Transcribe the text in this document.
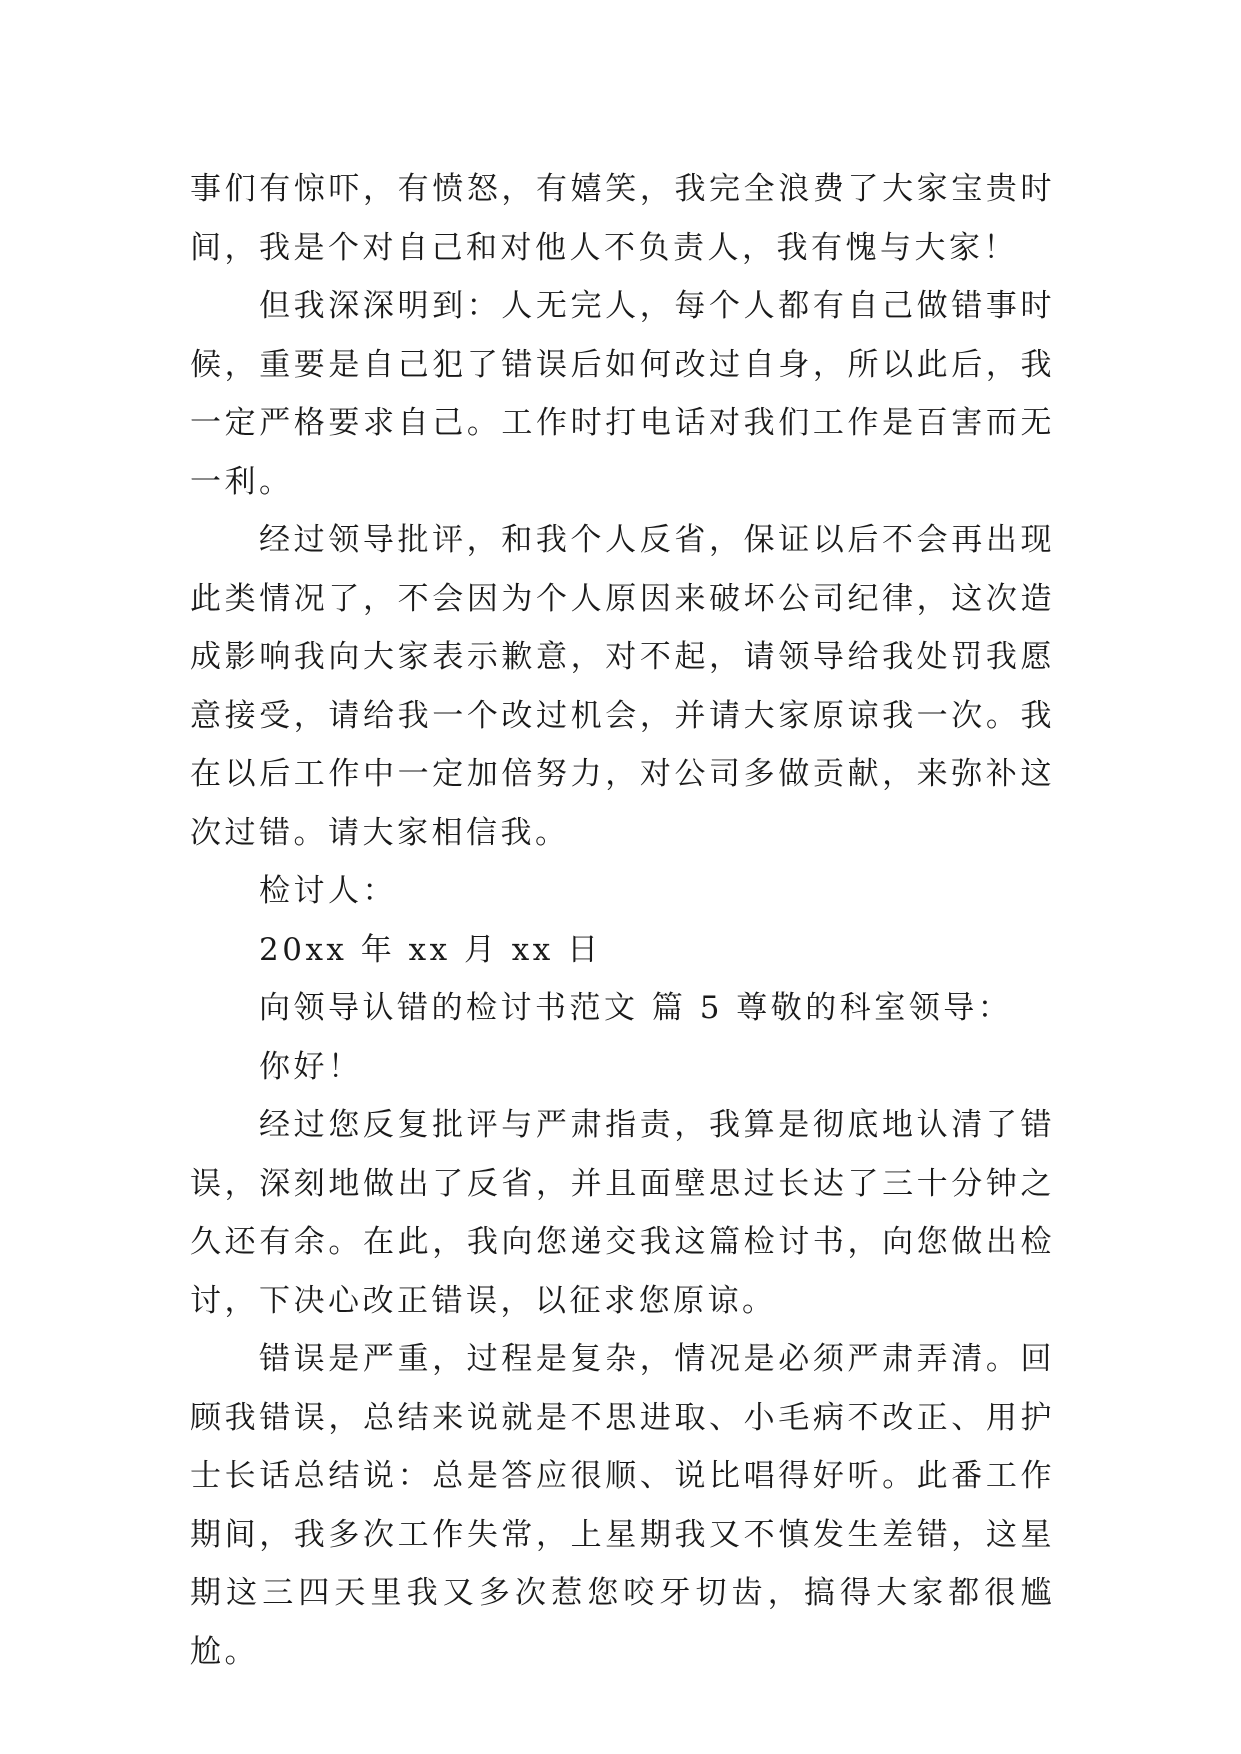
事们有惊吓，有愤怒，有嬉笑，我完全浪费了大家宝贵时间，我是个对自己和对他人不负责人，我有愧与大家！

但我深深明到：人无完人，每个人都有自己做错事时候，重要是自己犯了错误后如何改过自身，所以此后，我一定严格要求自己。工作时打电话对我们工作是百害而无一利。

经过领导批评，和我个人反省，保证以后不会再出现此类情况了，不会因为个人原因来破坏公司纪律，这次造成影响我向大家表示歉意，对不起，请领导给我处罚我愿意接受，请给我一个改过机会，并请大家原谅我一次。我在以后工作中一定加倍努力，对公司多做贡献，来弥补这次过错。请大家相信我。

检讨人：

20xx 年 xx 月 xx 日

向领导认错的检讨书范文 篇 5 尊敬的科室领导：

你好！

经过您反复批评与严肃指责，我算是彻底地认清了错误，深刻地做出了反省，并且面壁思过长达了三十分钟之久还有余。在此，我向您递交我这篇检讨书，向您做出检讨，下决心改正错误，以征求您原谅。

错误是严重，过程是复杂，情况是必须严肃弄清。回顾我错误，总结来说就是不思进取、小毛病不改正、用护士长话总结说：总是答应很顺、说比唱得好听。此番工作期间，我多次工作失常，上星期我又不慎发生差错，这星期这三四天里我又多次惹您咬牙切齿，搞得大家都很尴尬。
